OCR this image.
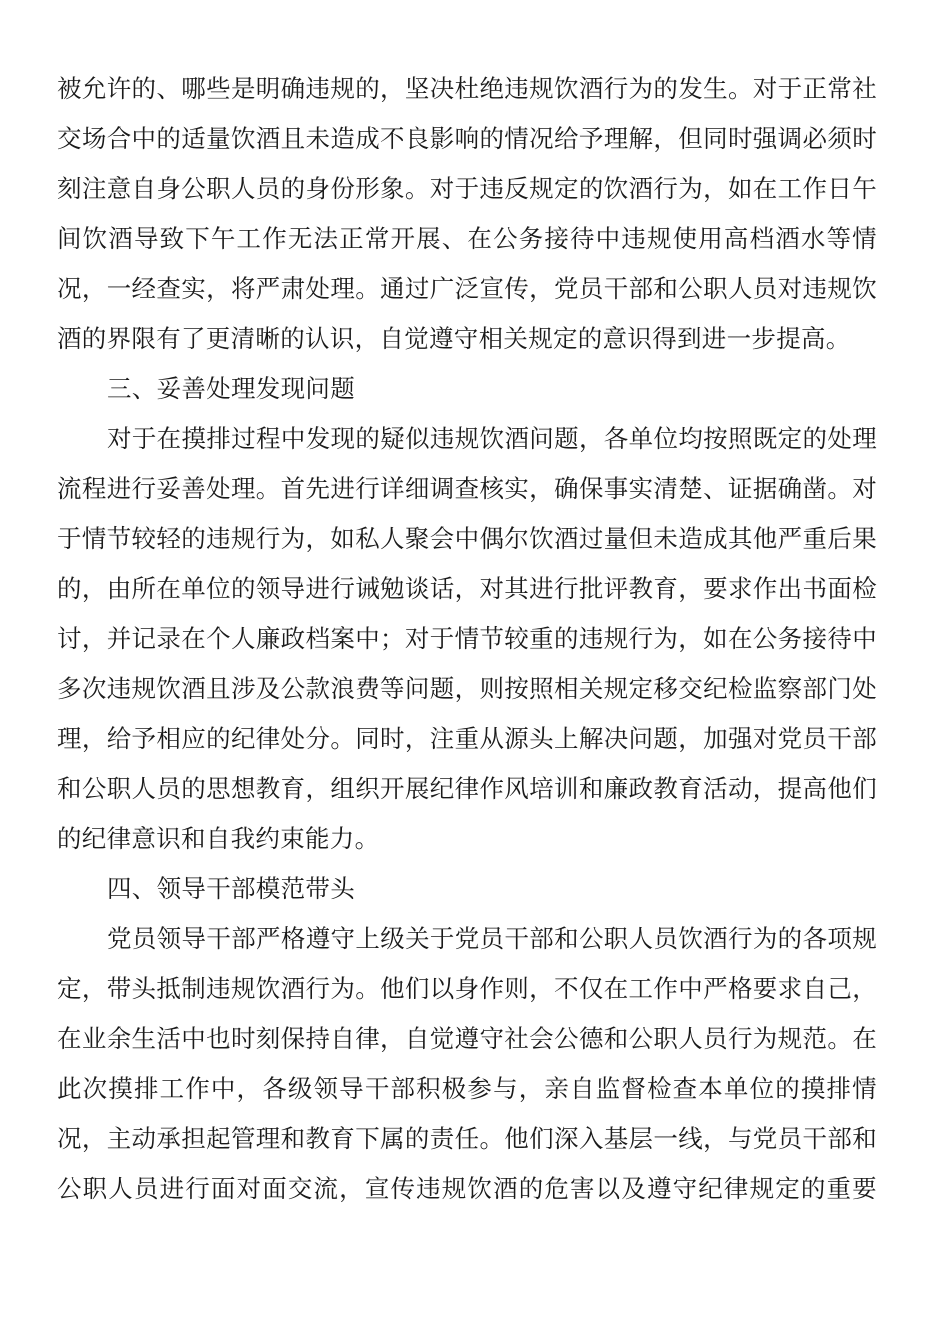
被允许的、哪些是明确违规的，坚决杜绝违规饮酒行为的发生。对于正常社
交场合中的适量饮酒且未造成不良影响的情况给予理解，但同时强调必须时
刻注意自身公职人员的身份形象。对于违反规定的饮酒行为，如在工作日午
间饮酒导致下午工作无法正常开展、在公务接待中违规使用高档酒水等情
况，一经查实，将严肃处理。通过广泛宣传，党员干部和公职人员对违规饮
酒的界限有了更清晰的认识，自觉遵守相关规定的意识得到进一步提高。
三、妥善处理发现问题
对于在摸排过程中发现的疑似违规饮酒问题，各单位均按照既定的处理
流程进行妥善处理。首先进行详细调查核实，确保事实清楚、证据确凿。对
于情节较轻的违规行为，如私人聚会中偶尔饮酒过量但未造成其他严重后果
的，由所在单位的领导进行诫勉谈话，对其进行批评教育，要求作出书面检
讨，并记录在个人廉政档案中；对于情节较重的违规行为，如在公务接待中
多次违规饮酒且涉及公款浪费等问题，则按照相关规定移交纪检监察部门处
理，给予相应的纪律处分。同时，注重从源头上解决问题，加强对党员干部
和公职人员的思想教育，组织开展纪律作风培训和廉政教育活动，提高他们
的纪律意识和自我约束能力。
四、领导干部模范带头
党员领导干部严格遵守上级关于党员干部和公职人员饮酒行为的各项规
定，带头抵制违规饮酒行为。他们以身作则，不仅在工作中严格要求自己，
在业余生活中也时刻保持自律，自觉遵守社会公德和公职人员行为规范。在
此次摸排工作中，各级领导干部积极参与，亲自监督检查本单位的摸排情
况，主动承担起管理和教育下属的责任。他们深入基层一线，与党员干部和
公职人员进行面对面交流，宣传违规饮酒的危害以及遵守纪律规定的重要
